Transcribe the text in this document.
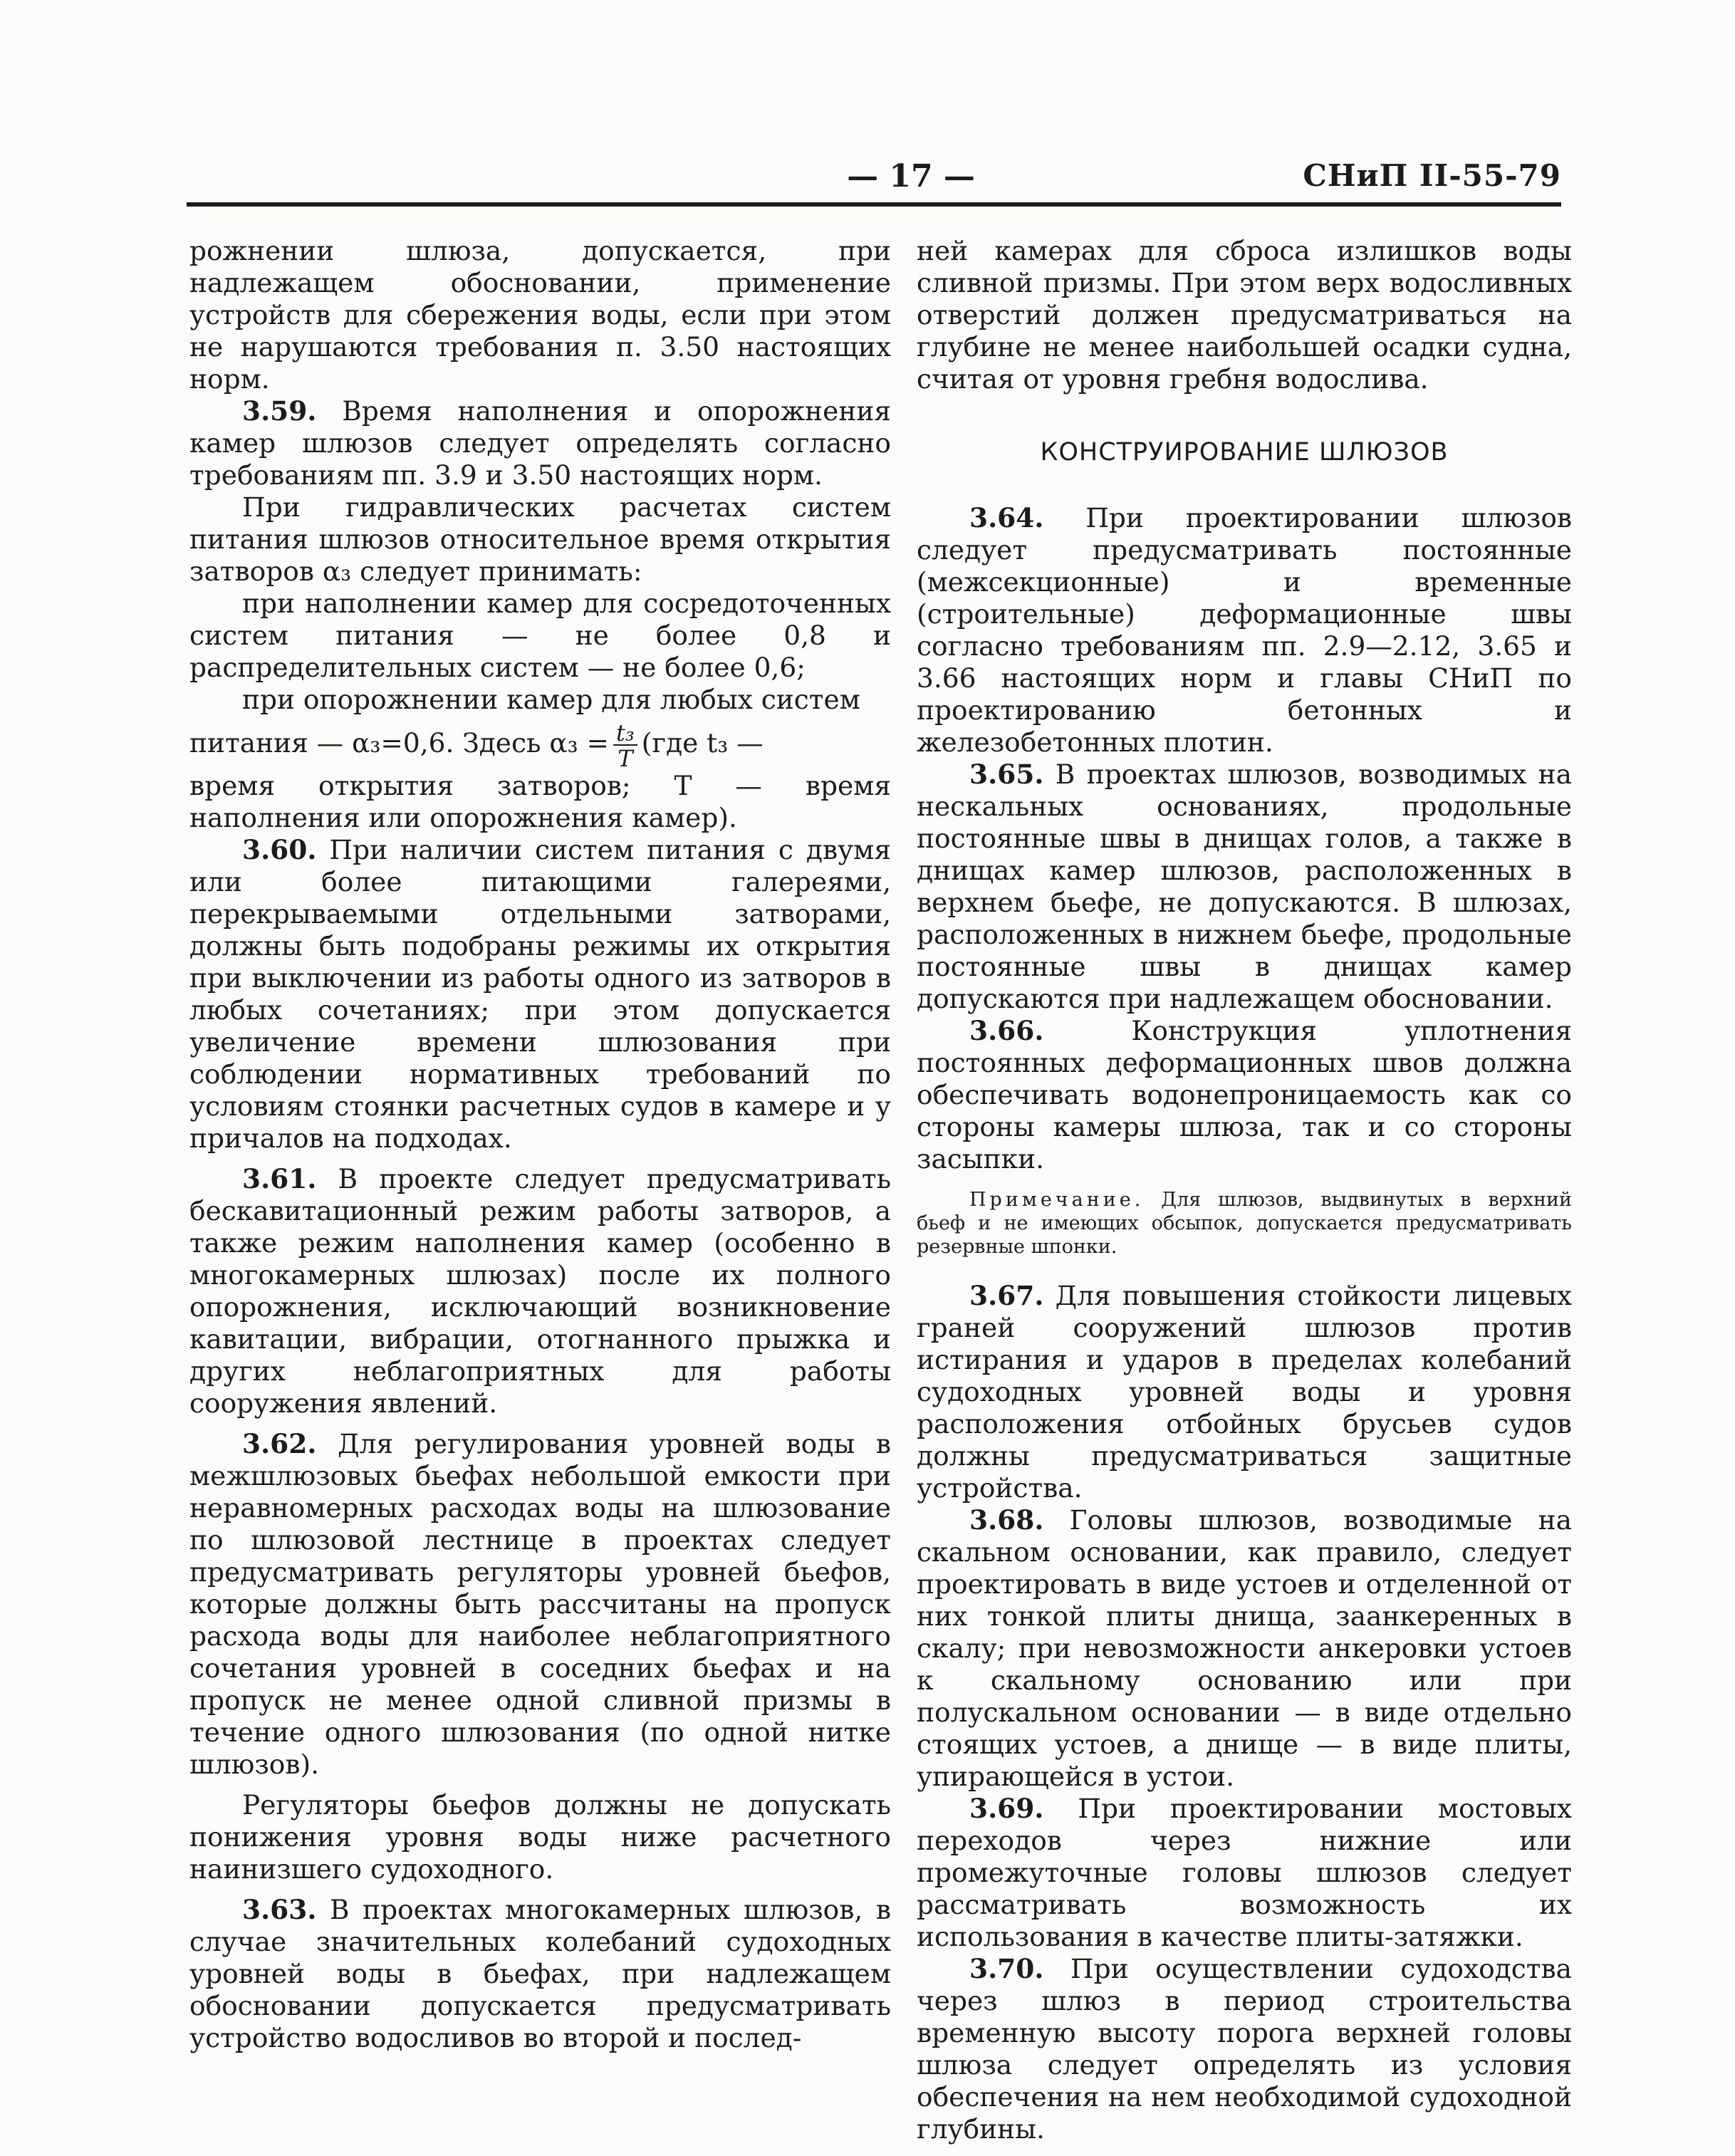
— 17 —	СНиП II-55-79

рожнении шлюза, допускается, при надлежащем обосновании, применение устройств для сбережения воды, если при этом не нарушаются требования п. 3.50 настоящих норм.

3.59. Время наполнения и опорожнения камер шлюзов следует определять согласно требованиям пп. 3.9 и 3.50 настоящих норм.

При гидравлических расчетах систем питания шлюзов относительное время открытия затворов α₃ следует принимать:

при наполнении камер для сосредоточенных систем питания — не более 0,8 и распределительных систем — не более 0,6;

при опорожнении камер для любых систем

питания — α₃=0,6. Здесь $\alpha_3 = \frac{\text{t₃}}{T} (где$ t₃ —

время открытия затворов; T — время наполнения или опорожнения камер).

3.60. При наличии систем питания с двумя или более питающими галереями, перекрываемыми отдельными затворами, должны быть подобраны режимы их открытия при выключении из работы одного из затворов в любых сочетаниях; при этом допускается увеличение времени шлюзования при соблюдении нормативных требований по условиям стоянки расчетных судов в камере и у причалов на подходах.

3.61. В проекте следует предусматривать бескавитационный режим работы затворов, а также режим наполнения камер (особенно в многокамерных шлюзах) после их полного опорожнения, исключающий возникновение кавитации, вибрации, отогнанного прыжка и других неблагоприятных для работы сооружения явлений.

3.62. Для регулирования уровней воды в межшлюзовых бьефах небольшой емкости при неравномерных расходах воды на шлюзование по шлюзовой лестнице в проектах следует предусматривать регуляторы уровней бьефов, которые должны быть рассчитаны на пропуск расхода воды для наиболее неблагоприятного сочетания уровней в соседних бьефах и на пропуск не менее одной сливной призмы в течение одного шлюзования (по одной нитке шлюзов).

Регуляторы бьефов должны не допускать понижения уровня воды ниже расчетного наинизшего судоходного.

3.63. В проектах многокамерных шлюзов, в случае значительных колебаний судоходных уровней воды в бьефах, при надлежащем обосновании допускается предусматривать устройство водосливов во второй и послед-

ней камерах для сброса излишков воды сливной призмы. При этом верх водосливных отверстий должен предусматриваться на глубине не менее наибольшей осадки судна, считая от уровня гребня водослива.

КОНСТРУИРОВАНИЕ ШЛЮЗОВ

3.64. При проектировании шлюзов следует предусматривать постоянные (межсекционные) и временные (строительные) деформационные швы согласно требованиям пп. 2.9—2.12, 3.65 и 3.66 настоящих норм и главы СНиП по проектированию бетонных и железобетонных плотин.

3.65. В проектах шлюзов, возводимых на нескальных основаниях, продольные постоянные швы в днищах голов, а также в днищах камер шлюзов, расположенных в верхнем бьефе, не допускаются. В шлюзах, расположенных в нижнем бьефе, продольные постоянные швы в днищах камер допускаются при надлежащем обосновании.

3.66.	Конструкция уплотнения постоянных деформационных швов должна обеспечивать водонепроницаемость как со стороны камеры шлюза, так и со стороны засыпки.

Примечание. Для шлюзов, выдвинутых в верхний бьеф и не имеющих обсыпок, допускается предусматривать резервные шпонки.

3.67. Для повышения стойкости лицевых граней сооружений шлюзов против истирания и ударов в пределах колебаний судоходных уровней воды и уровня расположения отбойных брусьев судов должны предусматриваться защитные устройства.

3.68. Головы шлюзов, возводимые на скальном основании, как правило, следует проектировать в виде устоев и отделенной от них тонкой плиты днища, заанкеренных в скалу; при невозможности анкеровки устоев к скальному основанию или при полускальном основании — в виде отдельно стоящих устоев, а днище — в виде плиты, упирающейся в устои.

3.69. При проектировании мостовых переходов через нижние или промежуточные головы шлюзов следует рассматривать возможность их использования в качестве плиты-затяжки.

3.70. При осуществлении судоходства через шлюз в период строительства временную высоту порога верхней головы шлюза следует определять из условия обеспечения на нем необходимой судоходной глубины.
